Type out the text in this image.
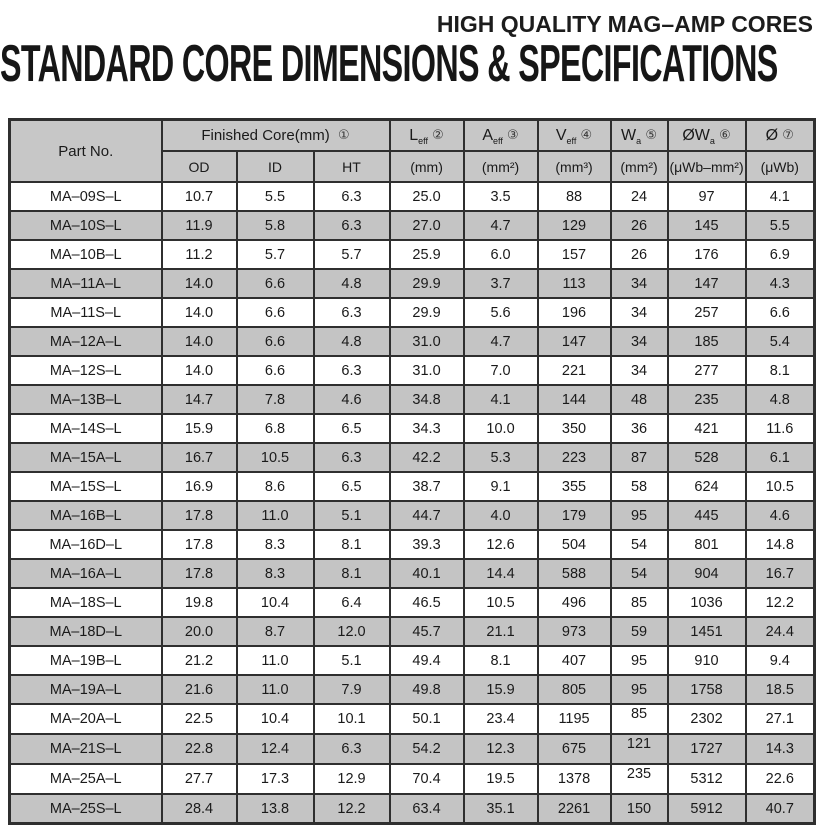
HIGH QUALITY MAG–AMP CORES
STANDARD CORE DIMENSIONS & SPECIFICATIONS
Part No.	Finished Core(mm) ①			$L_{eff}$ ②	$A_{eff}$ ③	$V_{eff}$ ④	$W_a$ ⑤	$ØW_a$ ⑥	Ø ⑦
	OD	ID	HT	(mm)	(mm²)	(mm³)	(mm²)	(μWb–mm²)	(μWb)
MA–09S–L	10.7	5.5	6.3	25.0	3.5	88	24	97	4.1
MA–10S–L	11.9	5.8	6.3	27.0	4.7	129	26	145	5.5
MA–10B–L	11.2	5.7	5.7	25.9	6.0	157	26	176	6.9
MA–11A–L	14.0	6.6	4.8	29.9	3.7	113	34	147	4.3
MA–11S–L	14.0	6.6	6.3	29.9	5.6	196	34	257	6.6
MA–12A–L	14.0	6.6	4.8	31.0	4.7	147	34	185	5.4
MA–12S–L	14.0	6.6	6.3	31.0	7.0	221	34	277	8.1
MA–13B–L	14.7	7.8	4.6	34.8	4.1	144	48	235	4.8
MA–14S–L	15.9	6.8	6.5	34.3	10.0	350	36	421	11.6
MA–15A–L	16.7	10.5	6.3	42.2	5.3	223	87	528	6.1
MA–15S–L	16.9	8.6	6.5	38.7	9.1	355	58	624	10.5
MA–16B–L	17.8	11.0	5.1	44.7	4.0	179	95	445	4.6
MA–16D–L	17.8	8.3	8.1	39.3	12.6	504	54	801	14.8
MA–16A–L	17.8	8.3	8.1	40.1	14.4	588	54	904	16.7
MA–18S–L	19.8	10.4	6.4	46.5	10.5	496	85	1036	12.2
MA–18D–L	20.0	8.7	12.0	45.7	21.1	973	59	1451	24.4
MA–19B–L	21.2	11.0	5.1	49.4	8.1	407	95	910	9.4
MA–19A–L	21.6	11.0	7.9	49.8	15.9	805	95	1758	18.5
MA–20A–L	22.5	10.4	10.1	50.1	23.4	1195	85	2302	27.1
MA–21S–L	22.8	12.4	6.3	54.2	12.3	675	121	1727	14.3
MA–25A–L	27.7	17.3	12.9	70.4	19.5	1378	235	5312	22.6
MA–25S–L	28.4	13.8	12.2	63.4	35.1	2261	150	5912	40.7
